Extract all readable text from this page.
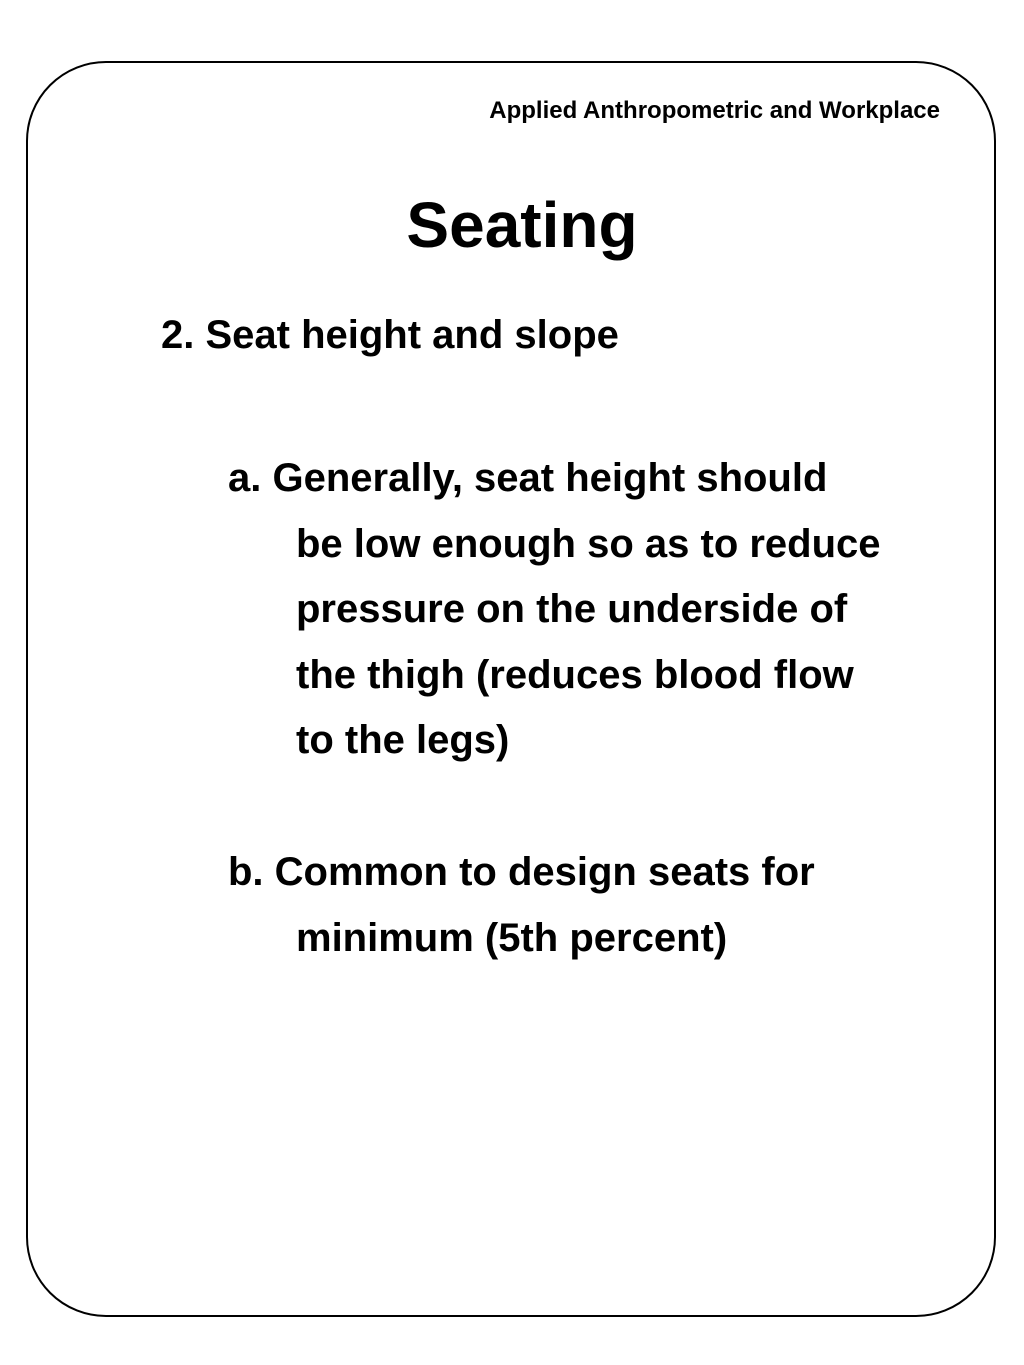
Applied Anthropometric and Workplace
Seating
2. Seat height and slope
a. Generally, seat height should
be low enough so as to reduce
pressure on the underside of
the thigh (reduces blood flow
to the legs)
b. Common to design seats for
minimum (5th percent)
